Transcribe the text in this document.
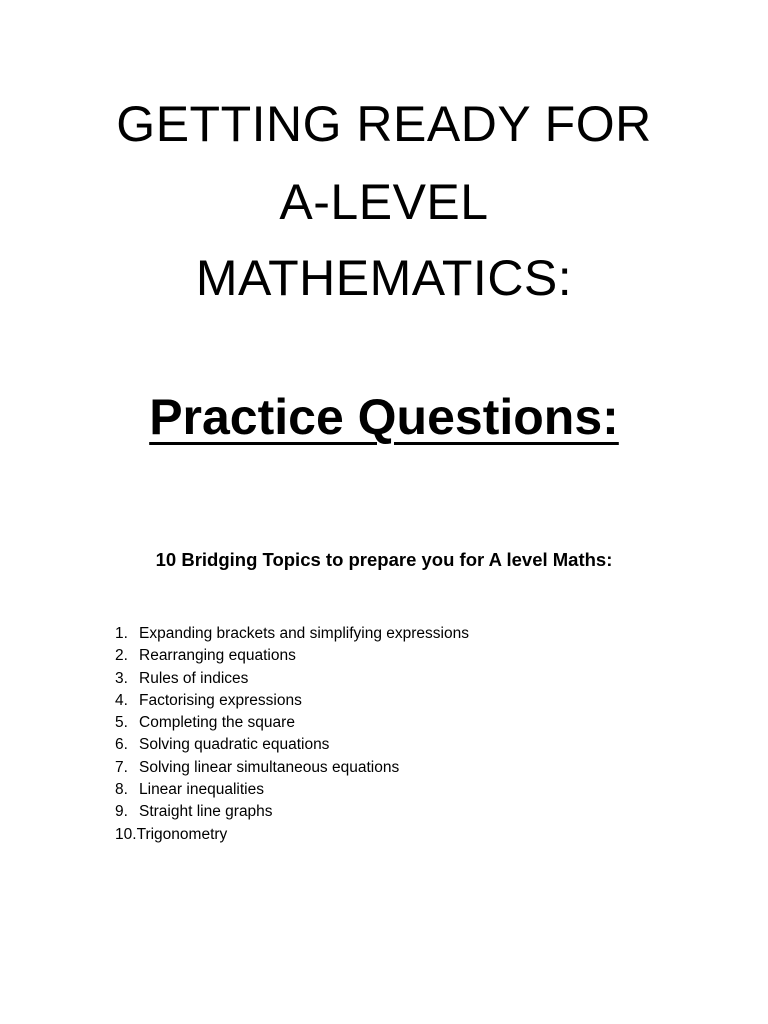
GETTING READY FOR
A-LEVEL
MATHEMATICS:
Practice Questions:
10 Bridging Topics to prepare you for A level Maths:
1. Expanding brackets and simplifying expressions
2. Rearranging equations
3. Rules of indices
4. Factorising expressions
5. Completing the square
6. Solving quadratic equations
7. Solving linear simultaneous equations
8. Linear inequalities
9. Straight line graphs
10.Trigonometry
